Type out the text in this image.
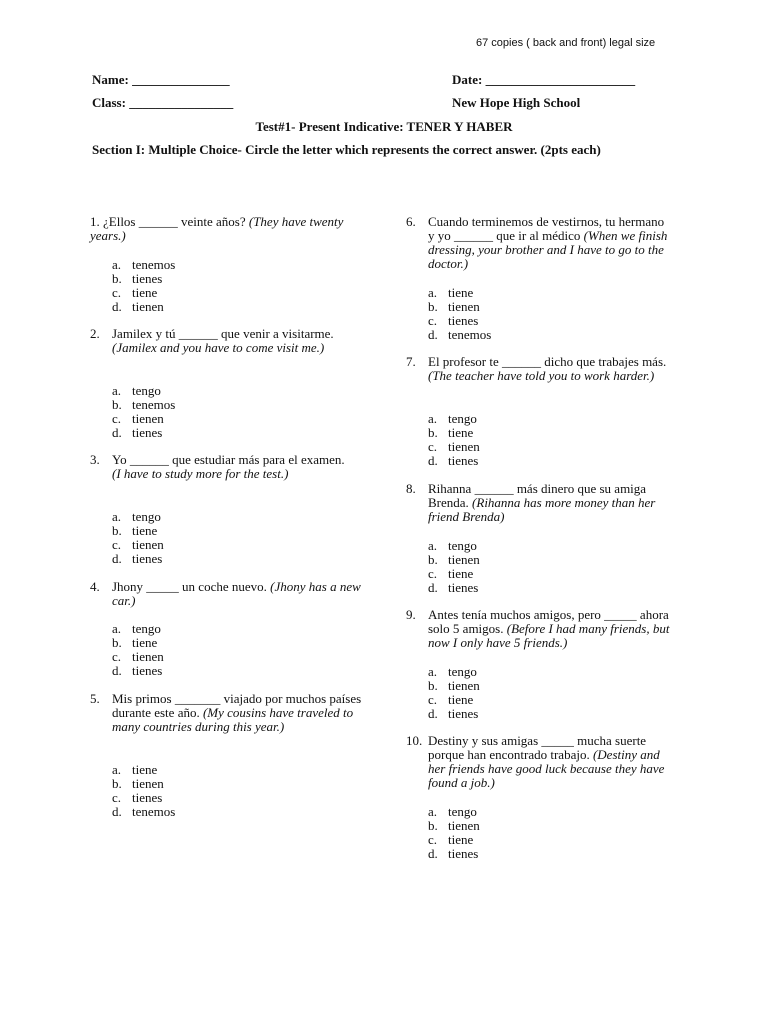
67 copies ( back and front) legal size
Name: _______________	Date: _______________________
Class: ________________	New Hope High School
Test#1- Present Indicative: TENER Y HABER
Section I: Multiple Choice- Circle the letter which represents the correct answer. (2pts each)
1. ¿Ellos ______ veinte años? (They have twenty years.)
a. tenemos
b. tienes
c. tiene
d. tienen
2. Jamilex y tú ______ que venir a visitarme. (Jamilex and you have to come visit me.)
a. tengo
b. tenemos
c. tienen
d. tienes
3. Yo ______ que estudiar más para el examen. (I have to study more for the test.)
a. tengo
b. tiene
c. tienen
d. tienes
4. Jhony _____ un coche nuevo. (Jhony has a new car.)
a. tengo
b. tiene
c. tienen
d. tienes
5. Mis primos _______ viajado por muchos países durante este año. (My cousins have traveled to many countries during this year.)
a. tiene
b. tienen
c. tienes
d. tenemos
6. Cuando terminemos de vestirnos, tu hermano y yo ______ que ir al médico (When we finish dressing, your brother and I have to go to the doctor.)
a. tiene
b. tienen
c. tienes
d. tenemos
7. El profesor te ______ dicho que trabajes más. (The teacher have told you to work harder.)
a. tengo
b. tiene
c. tienen
d. tienes
8. Rihanna ______ más dinero que su amiga Brenda. (Rihanna has more money than her friend Brenda)
a. tengo
b. tienen
c. tiene
d. tienes
9. Antes tenía muchos amigos, pero _____ ahora solo 5 amigos. (Before I had many friends, but now I only have 5 friends.)
a. tengo
b. tienen
c. tiene
d. tienes
10. Destiny y sus amigas _____ mucha suerte porque han encontrado trabajo. (Destiny and her friends have good luck because they have found a job.)
a. tengo
b. tienen
c. tiene
d. tienes
